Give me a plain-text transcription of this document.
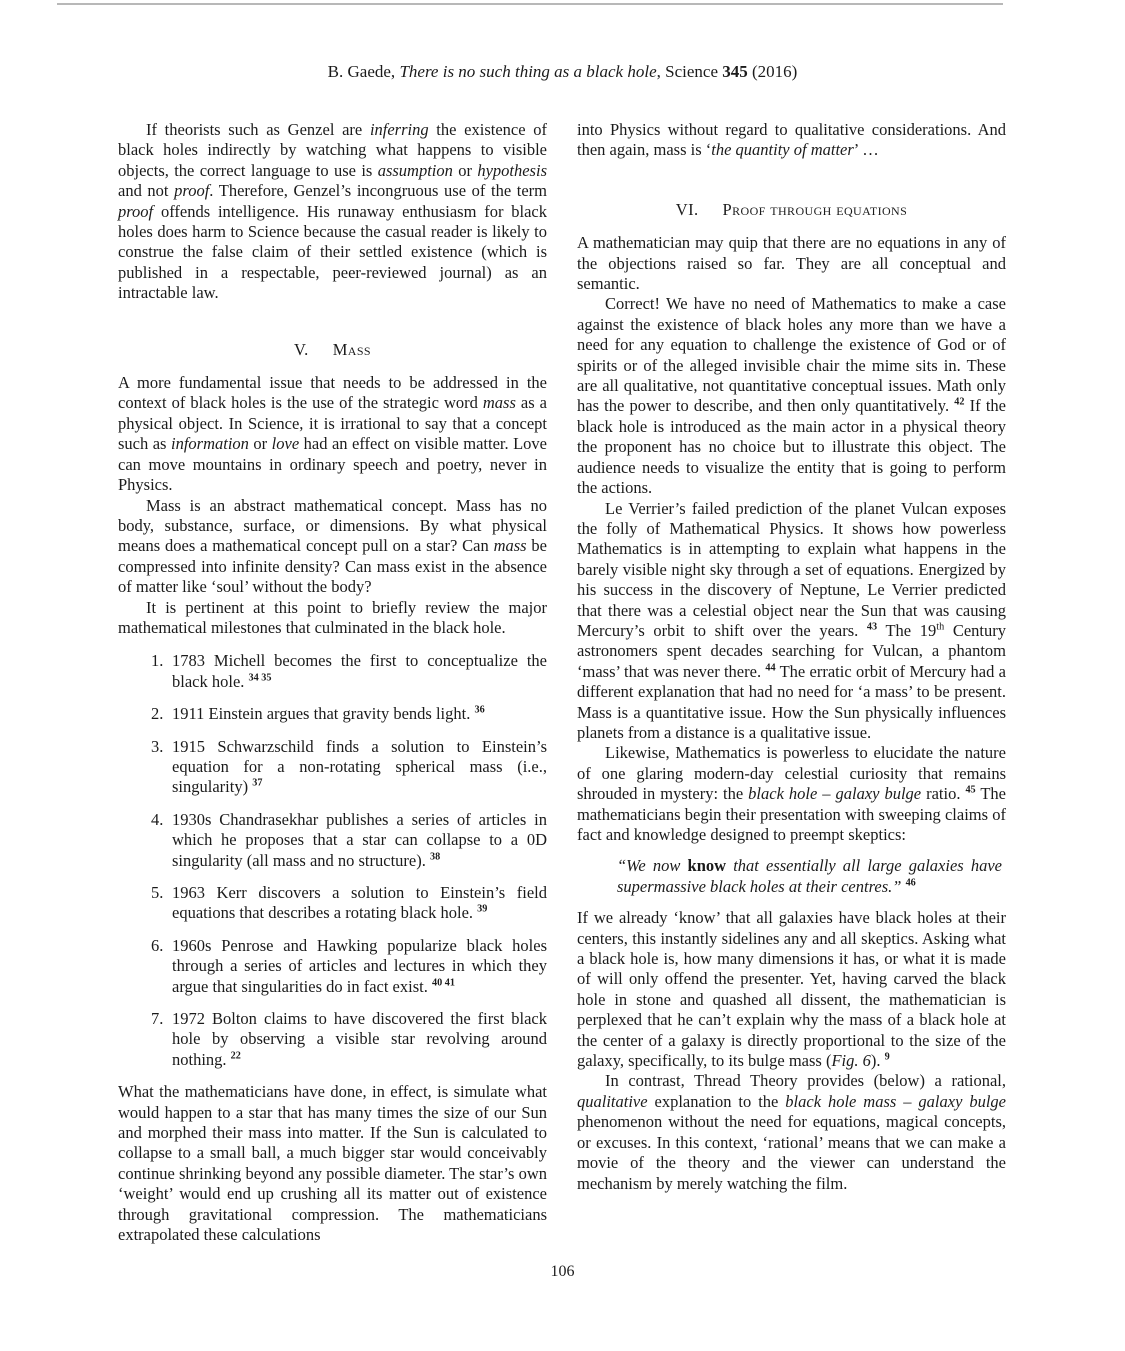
B. Gaede, There is no such thing as a black hole, Science 345 (2016)

If theorists such as Genzel are inferring the existence of black holes indirectly by watching what happens to visible objects, the correct language to use is assumption or hypothesis and not proof. Therefore, Genzel’s incongruous use of the term proof offends intelligence. His runaway enthusiasm for black holes does harm to Science because the casual reader is likely to construe the false claim of their settled existence (which is published in a respectable, peer-reviewed journal) as an intractable law.

V. Mass

A more fundamental issue that needs to be addressed in the context of black holes is the use of the strategic word mass as a physical object. In Science, it is irrational to say that a concept such as information or love had an effect on visible matter. Love can move mountains in ordinary speech and poetry, never in Physics.

Mass is an abstract mathematical concept. Mass has no body, substance, surface, or dimensions. By what physical means does a mathematical concept pull on a star? Can mass be compressed into infinite density? Can mass exist in the absence of matter like ‘soul’ without the body?

It is pertinent at this point to briefly review the major mathematical milestones that culminated in the black hole.

1. 1783 Michell becomes the first to conceptualize the black hole. $^{34 35}$
2. 1911 Einstein argues that gravity bends light. $^{36}$
3. 1915 Schwarzschild finds a solution to Einstein’s equation for a non-rotating spherical mass (i.e., singularity) $^{37}$
4. 1930s Chandrasekhar publishes a series of articles in which he proposes that a star can collapse to a 0D singularity (all mass and no structure). $^{38}$
5. 1963 Kerr discovers a solution to Einstein’s field equations that describes a rotating black hole. $^{39}$
6. 1960s Penrose and Hawking popularize black holes through a series of articles and lectures in which they argue that singularities do in fact exist. $^{40 41}$
7. 1972 Bolton claims to have discovered the first black hole by observing a visible star revolving around nothing. $^{22}$

What the mathematicians have done, in effect, is simulate what would happen to a star that has many times the size of our Sun and morphed their mass into matter. If the Sun is calculated to collapse to a small ball, a much bigger star would conceivably continue shrinking beyond any possible diameter. The star’s own ‘weight’ would end up crushing all its matter out of existence through gravitational compression. The mathematicians extrapolated these calculations

into Physics without regard to qualitative considerations. And then again, mass is ‘the quantity of matter’ …

VI. Proof through equations

A mathematician may quip that there are no equations in any of the objections raised so far. They are all conceptual and semantic.

Correct! We have no need of Mathematics to make a case against the existence of black holes any more than we have a need for any equation to challenge the existence of God or of spirits or of the alleged invisible chair the mime sits in. These are all qualitative, not quantitative conceptual issues. Math only has the power to describe, and then only quantitatively. $^{42}$ If the black hole is introduced as the main actor in a physical theory the proponent has no choice but to illustrate this object. The audience needs to visualize the entity that is going to perform the actions.

Le Verrier’s failed prediction of the planet Vulcan exposes the folly of Mathematical Physics. It shows how powerless Mathematics is in attempting to explain what happens in the barely visible night sky through a set of equations. Energized by his success in the discovery of Neptune, Le Verrier predicted that there was a celestial object near the Sun that was causing Mercury’s orbit to shift over the years. $^{43}$ The 19th Century astronomers spent decades searching for Vulcan, a phantom ‘mass’ that was never there. $^{44}$ The erratic orbit of Mercury had a different explanation that had no need for ‘a mass’ to be present. Mass is a quantitative issue. How the Sun physically influences planets from a distance is a qualitative issue.

Likewise, Mathematics is powerless to elucidate the nature of one glaring modern-day celestial curiosity that remains shrouded in mystery: the black hole – galaxy bulge ratio. $^{45}$ The mathematicians begin their presentation with sweeping claims of fact and knowledge designed to preempt skeptics:

“We now know that essentially all large galaxies have supermassive black holes at their centres.” $^{46}$

If we already ‘know’ that all galaxies have black holes at their centers, this instantly sidelines any and all skeptics. Asking what a black hole is, how many dimensions it has, or what it is made of will only offend the presenter. Yet, having carved the black hole in stone and quashed all dissent, the mathematician is perplexed that he can’t explain why the mass of a black hole at the center of a galaxy is directly proportional to the size of the galaxy, specifically, to its bulge mass (Fig. 6). $^9$

In contrast, Thread Theory provides (below) a rational, qualitative explanation to the black hole mass – galaxy bulge phenomenon without the need for equations, magical concepts, or excuses. In this context, ‘rational’ means that we can make a movie of the theory and the viewer can understand the mechanism by merely watching the film.

106
